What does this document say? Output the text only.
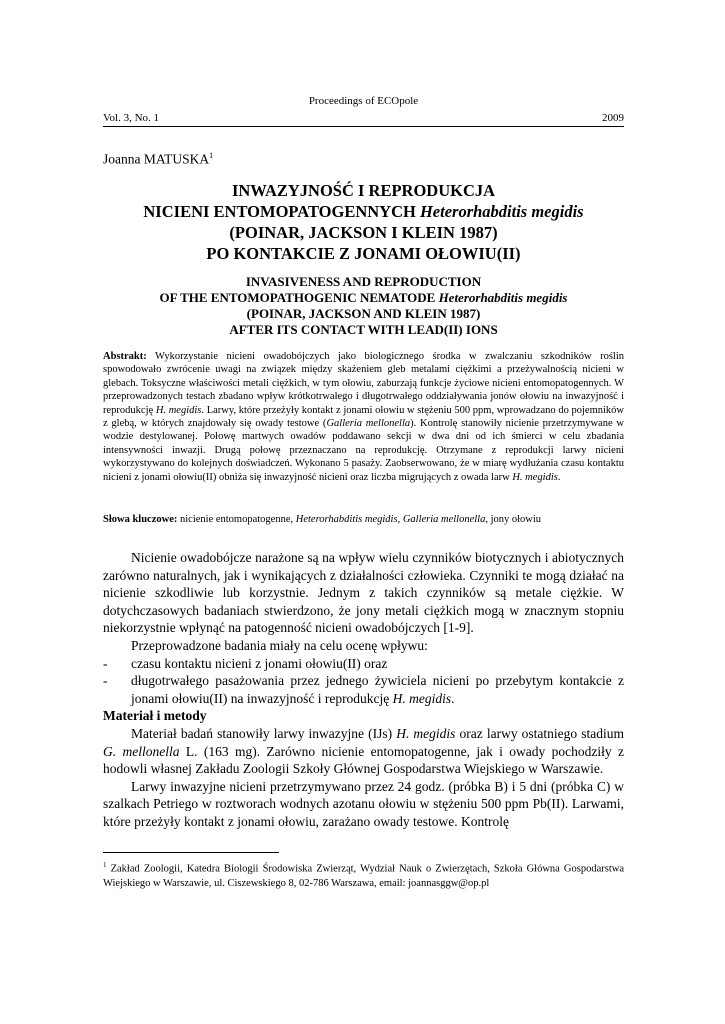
Proceedings of ECOpole
Vol. 3, No. 1	2009
Joanna MATUSKA$^1$
INWAZYJNOŚĆ I REPRODUKCJA
NICIENI ENTOMOPATOGENNYCH Heterorhabditis megidis
(POINAR, JACKSON I KLEIN 1987)
PO KONTAKCIE Z JONAMI OŁOWIU(II)
INVASIVENESS AND REPRODUCTION
OF THE ENTOMOPATHOGENIC NEMATODE Heterorhabditis megidis
(POINAR, JACKSON AND KLEIN 1987)
AFTER ITS CONTACT WITH LEAD(II) IONS
Abstrakt: Wykorzystanie nicieni owadobójczych jako biologicznego środka w zwalczaniu szkodników roślin spowodowało zwrócenie uwagi na związek między skażeniem gleb metalami ciężkimi a przeżywalnością nicieni w glebach. Toksyczne właściwości metali ciężkich, w tym ołowiu, zaburzają funkcje życiowe nicieni entomopatogennych. W przeprowadzonych testach zbadano wpływ krótkotrwałego i długotrwałego oddziaływania jonów ołowiu na inwazyjność i reprodukcję H. megidis. Larwy, które przeżyły kontakt z jonami ołowiu w stężeniu 500 ppm, wprowadzano do pojemników z glebą, w których znajdowały się owady testowe (Galleria mellonella). Kontrolę stanowiły nicienie przetrzymywane w wodzie destylowanej. Połowę martwych owadów poddawano sekcji w dwa dni od ich śmierci w celu zbadania intensywności inwazji. Drugą połowę przeznaczano na reprodukcję. Otrzymane z reprodukcji larwy nicieni wykorzystywano do kolejnych doświadczeń. Wykonano 5 pasaży. Zaobserwowano, że w miarę wydłużania czasu kontaktu nicieni z jonami ołowiu(II) obniża się inwazyjność nicieni oraz liczba migrujących z owada larw H. megidis.
Słowa kluczowe: nicienie entomopatogenne, Heterorhabditis megidis, Galleria mellonella, jony ołowiu

Nicienie owadobójcze narażone są na wpływ wielu czynników biotycznych i abiotycznych zarówno naturalnych, jak i wynikających z działalności człowieka. Czynniki te mogą działać na nicienie szkodliwie lub korzystnie. Jednym z takich czynników są metale ciężkie. W dotychczasowych badaniach stwierdzono, że jony metali ciężkich mogą w znacznym stopniu niekorzystnie wpłynąć na patogenność nicieni owadobójczych [1-9].

Przeprowadzone badania miały na celu ocenę wpływu:

- czasu kontaktu nicieni z jonami ołowiu(II) oraz
- długotrwałego pasażowania przez jednego żywiciela nicieni po przebytym kontakcie z jonami ołowiu(II) na inwazyjność i reprodukcję H. megidis.

Materiał i metody

Materiał badań stanowiły larwy inwazyjne (IJs) H. megidis oraz larwy ostatniego stadium G. mellonella L. (163 mg). Zarówno nicienie entomopatogenne, jak i owady pochodziły z hodowli własnej Zakładu Zoologii Szkoły Głównej Gospodarstwa Wiejskiego w Warszawie.

Larwy inwazyjne nicieni przetrzymywano przez 24 godz. (próbka B) i 5 dni (próbka C) w szalkach Petriego w roztworach wodnych azotanu ołowiu w stężeniu 500 ppm Pb(II). Larwami, które przeżyły kontakt z jonami ołowiu, zarażano owady testowe. Kontrolę

$^1$ Zakład Zoologii, Katedra Biologii Środowiska Zwierząt, Wydział Nauk o Zwierzętach, Szkoła Główna Gospodarstwa Wiejskiego w Warszawie, ul. Ciszewskiego 8, 02-786 Warszawa, email: joannasggw@op.pl
